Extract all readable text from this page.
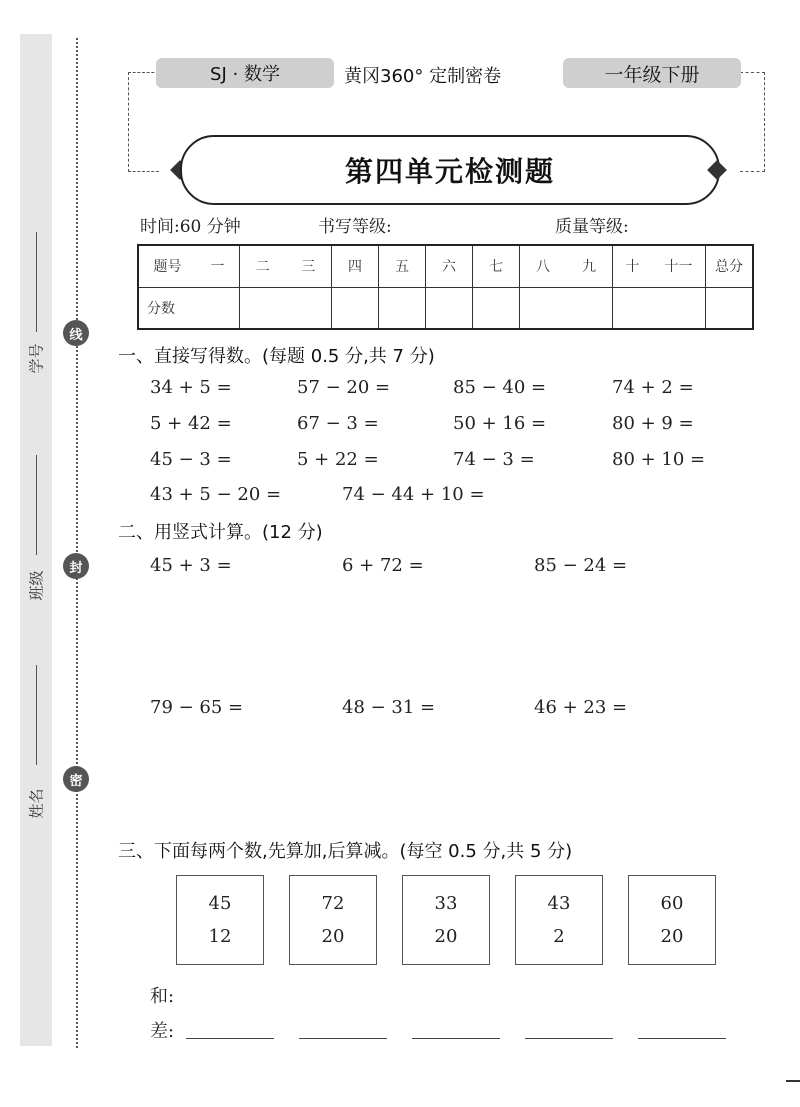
学号
班级
姓名
线
封
密
SJ · 数学	黄冈360° 定制密卷	一年级下册
第四单元检测题
时间:60 分钟	书写等级:	质量等级:
题号 一	二 三	四	五	六	七	八 九	十 十一	总分
分数								
一、直接写得数。(每题 0.5 分,共 7 分)
34 + 5 =	57 − 20 =	85 − 40 =	74 + 2 =
5 + 42 =	67 − 3 =	50 + 16 =	80 + 9 =
45 − 3 =	5 + 22 =	74 − 3 =	80 + 10 =
43 + 5 − 20 =	74 − 44 + 10 =
二、用竖式计算。(12 分)
45 + 3 =	6 + 72 =	85 − 24 =
79 − 65 =	48 − 31 =	46 + 23 =
三、下面每两个数,先算加,后算减。(每空 0.5 分,共 5 分)
45
12
72
20
33
20
43
2
60
20
和:
差:
